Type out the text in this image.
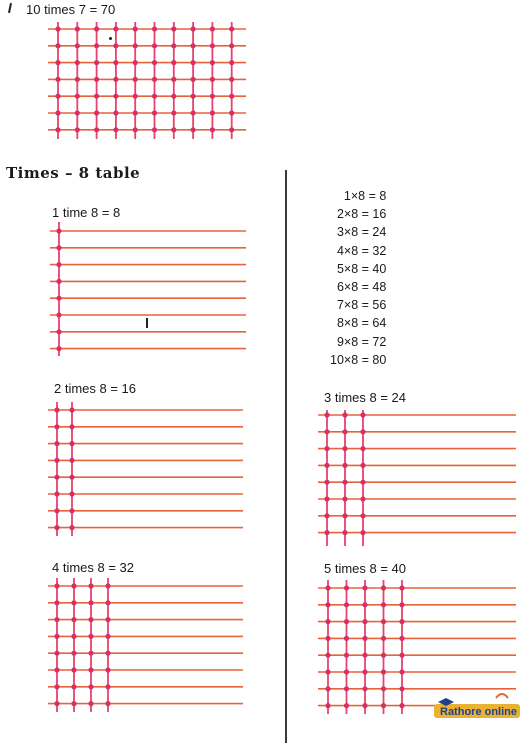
10 times 7 = 70
Times – 8 table
1 time 8 = 8
2 times 8 = 16
4 times 8 = 32
1×8 = 8
2×8 = 16
3×8 = 24
4×8 = 32
5×8 = 40
6×8 = 48
7×8 = 56
8×8 = 64
9×8 = 72
10×8 = 80
3 times 8 = 24
5 times 8 = 40
Rathore online
